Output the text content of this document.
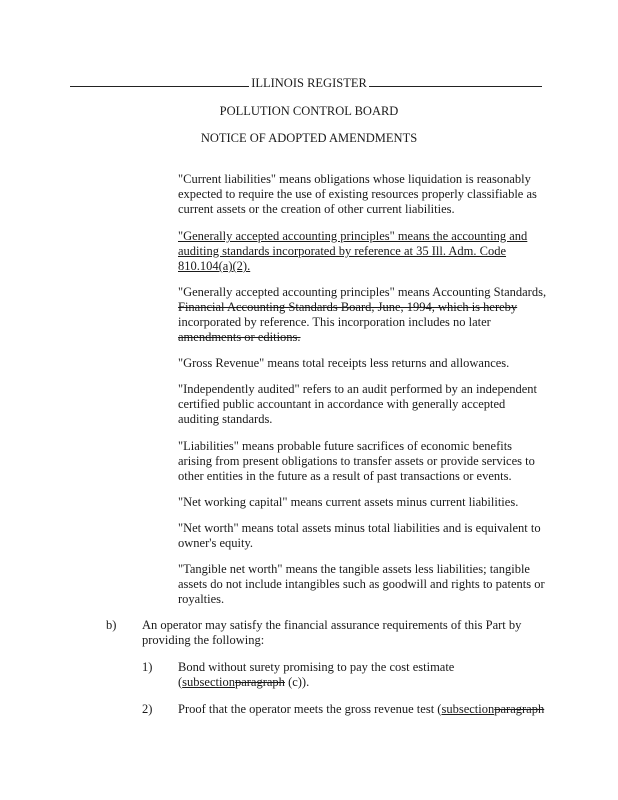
ILLINOIS REGISTER
POLLUTION CONTROL BOARD
NOTICE OF ADOPTED AMENDMENTS

"Current liabilities" means obligations whose liquidation is reasonably expected to require the use of existing resources properly classifiable as current assets or the creation of other current liabilities.

"Generally accepted accounting principles" means the accounting and auditing standards incorporated by reference at 35 Ill. Adm. Code 810.104(a)(2).

"Generally accepted accounting principles" means Accounting Standards, Financial Accounting Standards Board, June, 1994, which is hereby incorporated by reference. This incorporation includes no later amendments or editions.

"Gross Revenue" means total receipts less returns and allowances.

"Independently audited" refers to an audit performed by an independent certified public accountant in accordance with generally accepted auditing standards.

"Liabilities" means probable future sacrifices of economic benefits arising from present obligations to transfer assets or provide services to other entities in the future as a result of past transactions or events.

"Net working capital" means current assets minus current liabilities.

"Net worth" means total assets minus total liabilities and is equivalent to owner's equity.

"Tangible net worth" means the tangible assets less liabilities; tangible assets do not include intangibles such as goodwill and rights to patents or royalties.

b) An operator may satisfy the financial assurance requirements of this Part by providing the following:
1) Bond without surety promising to pay the cost estimate
(subsectionparagraph (c)).
2) Proof that the operator meets the gross revenue test (subsectionparagraph
